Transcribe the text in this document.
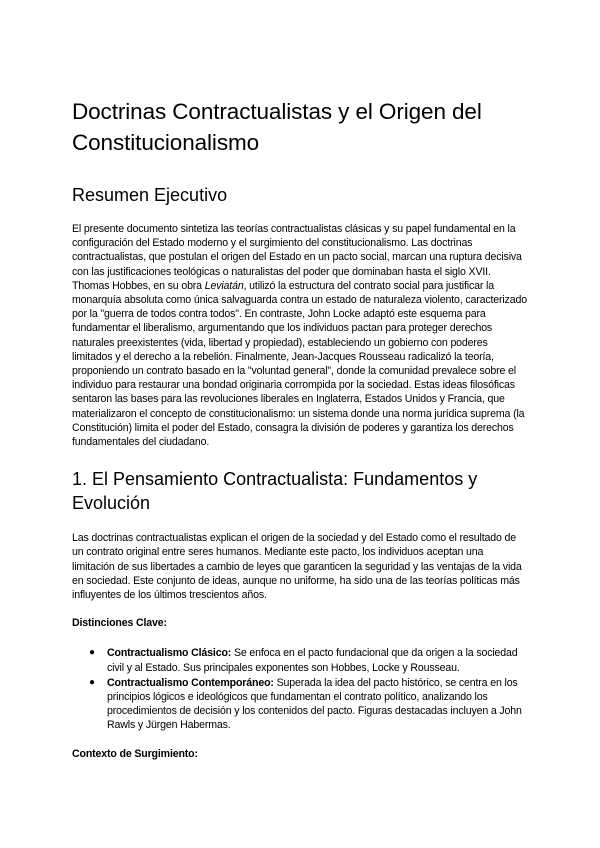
Doctrinas Contractualistas y el Origen del Constitucionalismo
Resumen Ejecutivo

El presente documento sintetiza las teorías contractualistas clásicas y su papel fundamental en la configuración del Estado moderno y el surgimiento del constitucionalismo. Las doctrinas contractualistas, que postulan el origen del Estado en un pacto social, marcan una ruptura decisiva con las justificaciones teológicas o naturalistas del poder que dominaban hasta el siglo XVII. Thomas Hobbes, en su obra Leviatán, utilizó la estructura del contrato social para justificar la monarquía absoluta como única salvaguarda contra un estado de naturaleza violento, caracterizado por la "guerra de todos contra todos". En contraste, John Locke adaptó este esquema para fundamentar el liberalismo, argumentando que los individuos pactan para proteger derechos naturales preexistentes (vida, libertad y propiedad), estableciendo un gobierno con poderes limitados y el derecho a la rebelión. Finalmente, Jean-Jacques Rousseau radicalizó la teoría, proponiendo un contrato basado en la "voluntad general", donde la comunidad prevalece sobre el individuo para restaurar una bondad originaria corrompida por la sociedad. Estas ideas filosóficas sentaron las bases para las revoluciones liberales en Inglaterra, Estados Unidos y Francia, que materializaron el concepto de constitucionalismo: un sistema donde una norma jurídica suprema (la Constitución) limita el poder del Estado, consagra la división de poderes y garantiza los derechos fundamentales del ciudadano.

1. El Pensamiento Contractualista: Fundamentos y Evolución

Las doctrinas contractualistas explican el origen de la sociedad y del Estado como el resultado de un contrato original entre seres humanos. Mediante este pacto, los individuos aceptan una limitación de sus libertades a cambio de leyes que garanticen la seguridad y las ventajas de la vida en sociedad. Este conjunto de ideas, aunque no uniforme, ha sido una de las teorías políticas más influyentes de los últimos trescientos años.

Distinciones Clave:

● Contractualismo Clásico: Se enfoca en el pacto fundacional que da origen a la sociedad civil y al Estado. Sus principales exponentes son Hobbes, Locke y Rousseau.
● Contractualismo Contemporáneo: Superada la idea del pacto histórico, se centra en los principios lógicos e ideológicos que fundamentan el contrato político, analizando los procedimientos de decisión y los contenidos del pacto. Figuras destacadas incluyen a John Rawls y Jürgen Habermas.

Contexto de Surgimiento:
